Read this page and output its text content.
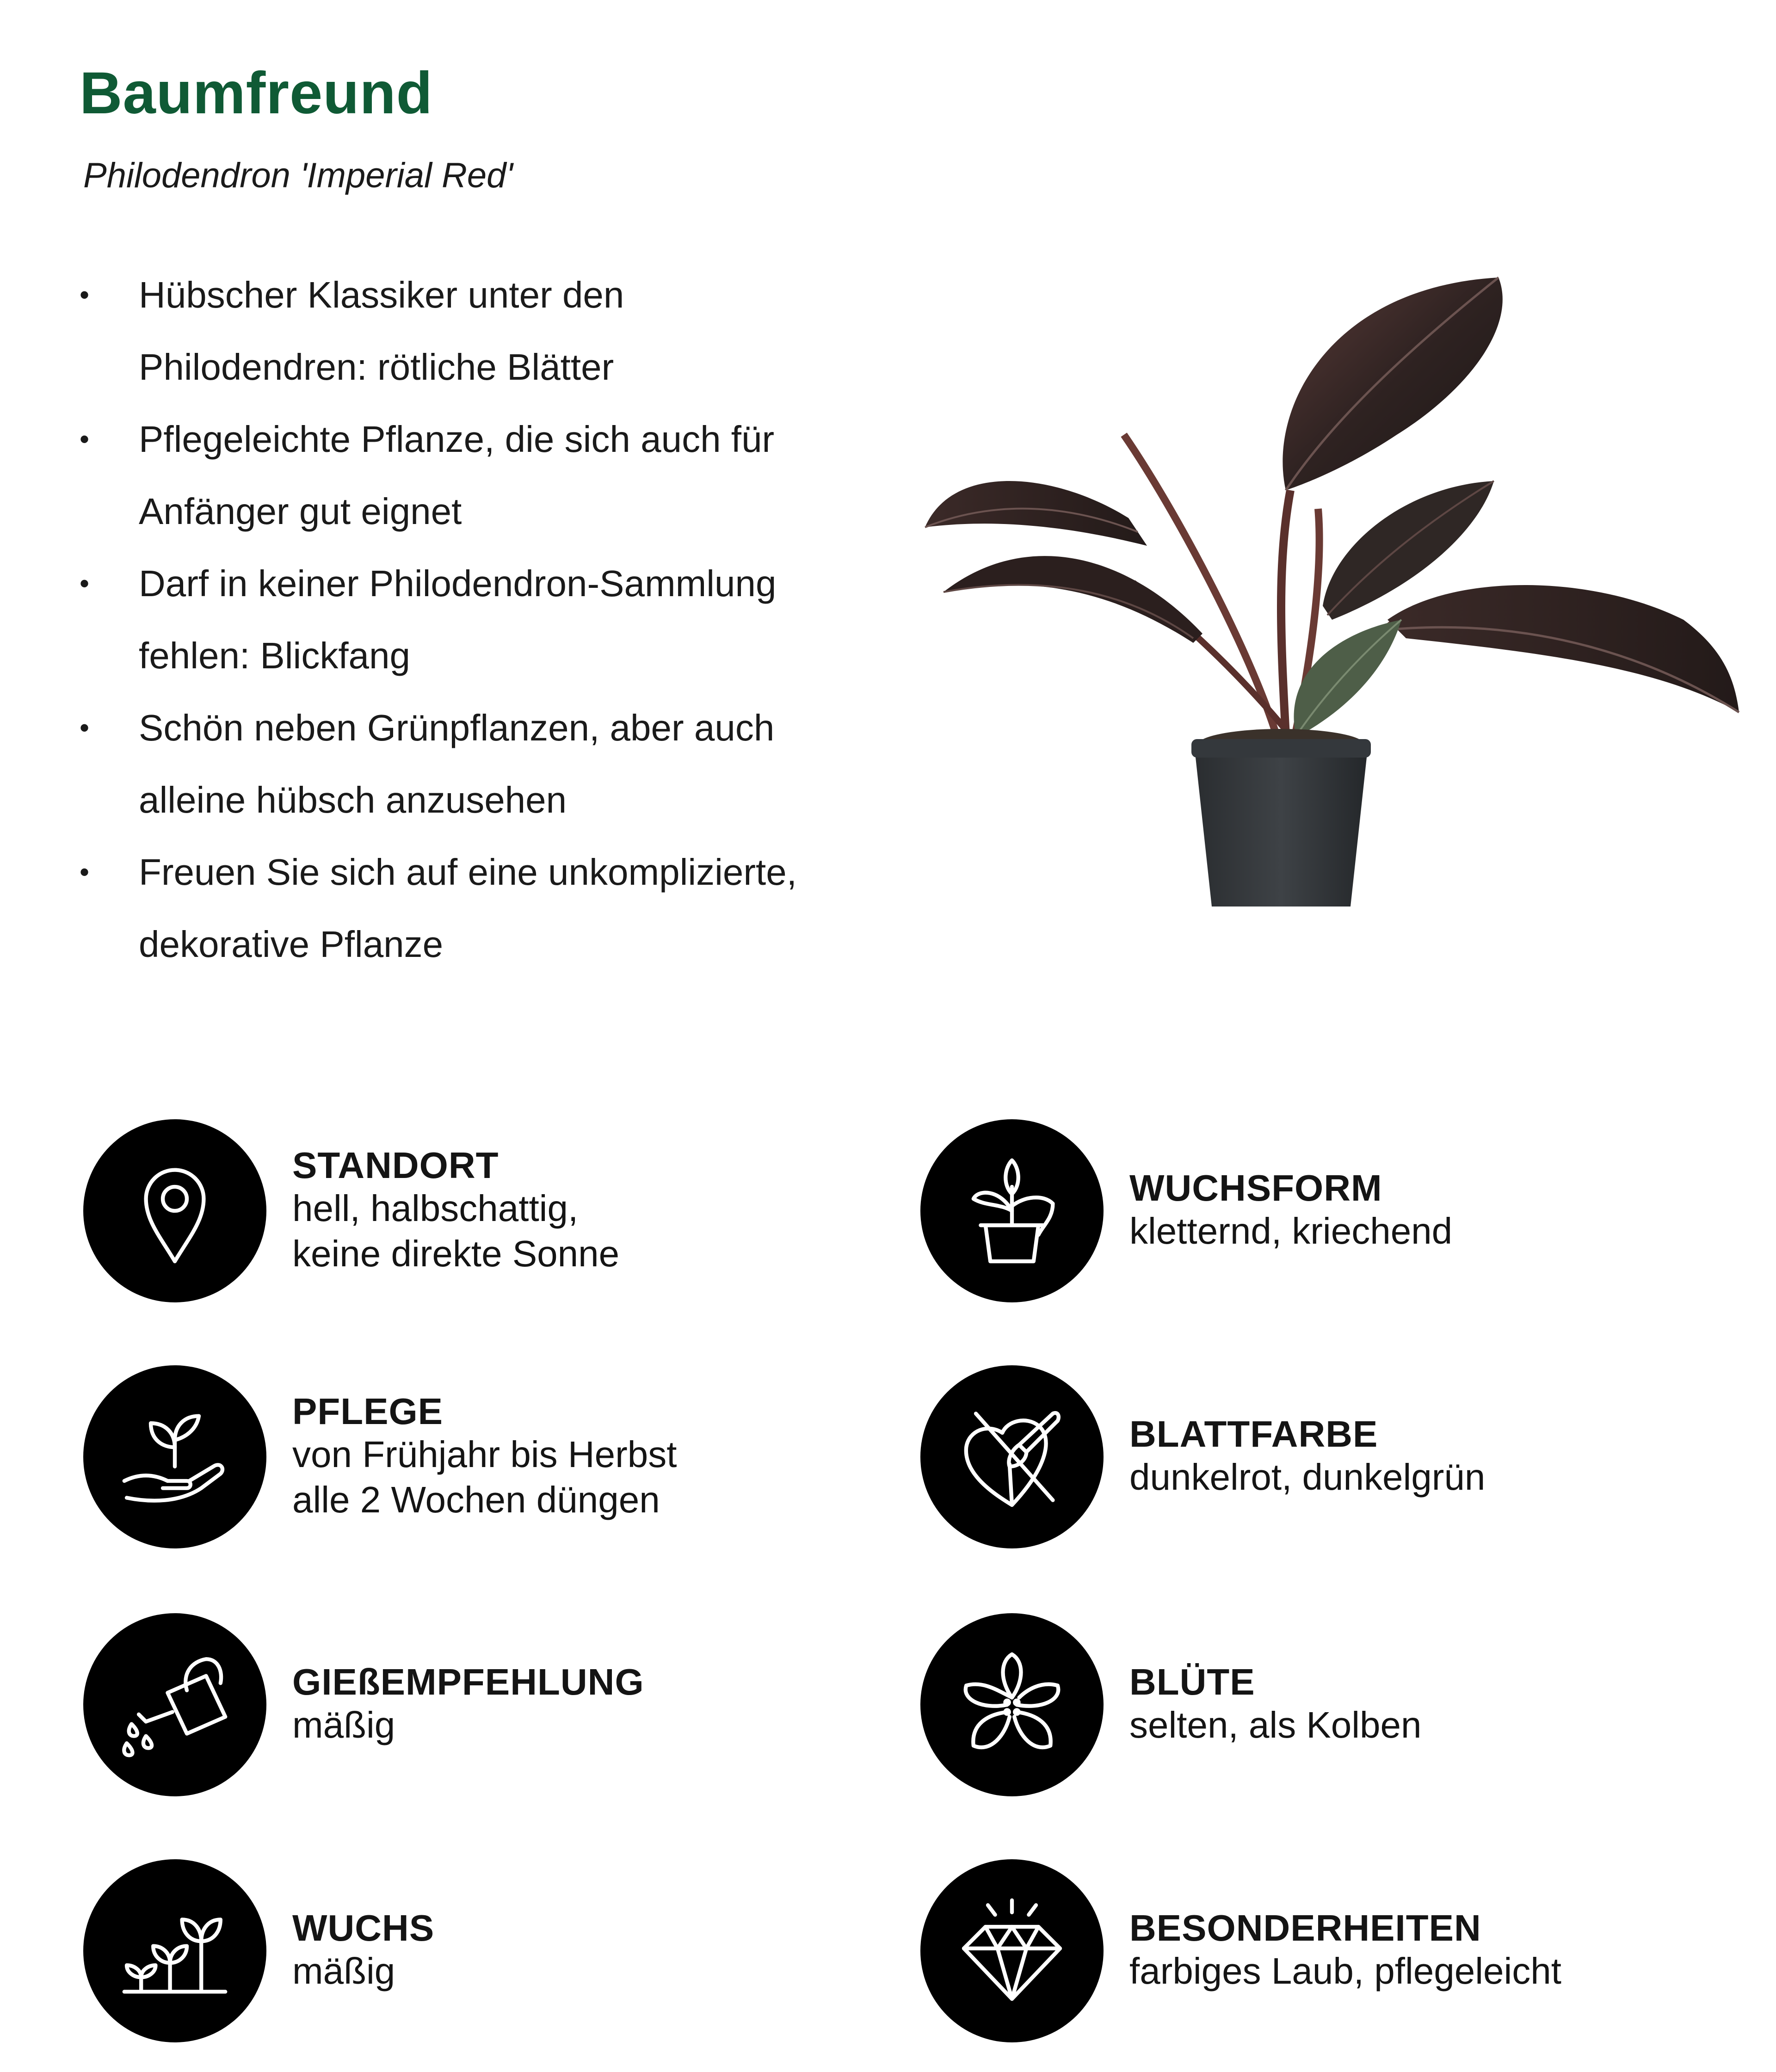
Baumfreund
Philodendron 'Imperial Red'
• Hübscher Klassiker unter den
Philodendren: rötliche Blätter
• Pflegeleichte Pflanze, die sich auch für
Anfänger gut eignet
• Darf in keiner Philodendron-Sammlung
fehlen: Blickfang
• Schön neben Grünpflanzen, aber auch
alleine hübsch anzusehen
• Freuen Sie sich auf eine unkomplizierte,
dekorative Pflanze
STANDORT
hell, halbschattig,
keine direkte Sonne
WUCHSFORM
kletternd, kriechend
PFLEGE
von Frühjahr bis Herbst
alle 2 Wochen düngen
BLATTFARBE
dunkelrot, dunkelgrün
GIEßEMPFEHLUNG
mäßig
BLÜTE
selten, als Kolben
WUCHS
mäßig
BESONDERHEITEN
farbiges Laub, pflegeleicht
